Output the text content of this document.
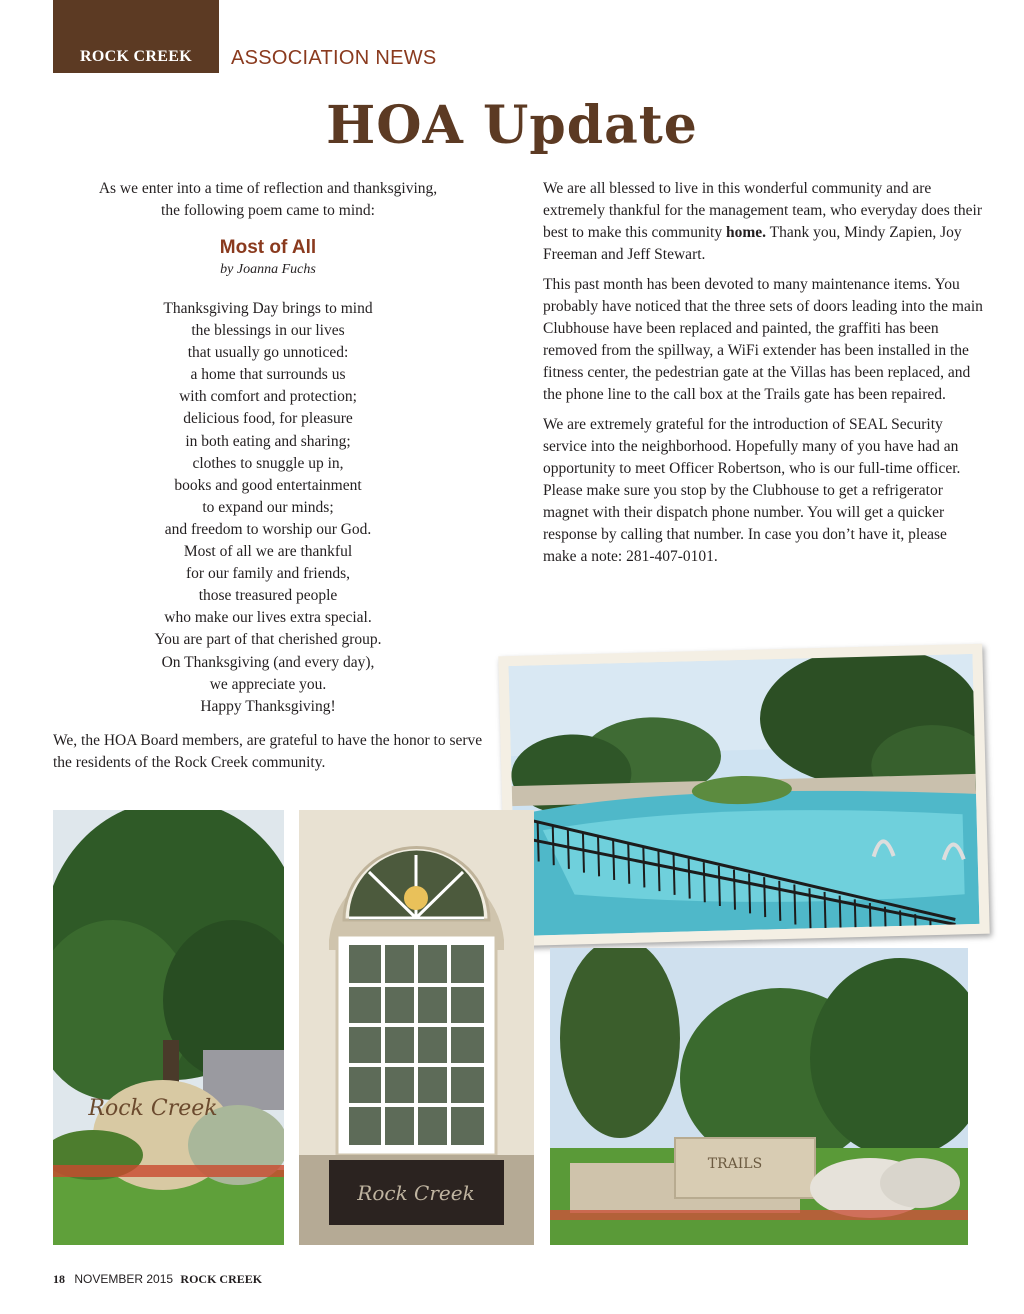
ROCK CREEK ASSOCIATION NEWS
HOA Update

As we enter into a time of reflection and thanksgiving,

the following poem came to mind:

Most of All
by Joanna Fuchs
Thanksgiving Day brings to mind
the blessings in our lives
that usually go unnoticed:
a home that surrounds us
with comfort and protection;
delicious food, for pleasure
in both eating and sharing;
clothes to snuggle up in,
books and good entertainment
to expand our minds;
and freedom to worship our God.
Most of all we are thankful
for our family and friends,
those treasured people
who make our lives extra special.
You are part of that cherished group.
On Thanksgiving (and every day),
we appreciate you.
Happy Thanksgiving!

We, the HOA Board members, are grateful to have the honor to serve the residents of the Rock Creek community.

We are all blessed to live in this wonderful community and are extremely thankful for the management team, who everyday does their best to make this community home. Thank you, Mindy Zapien, Joy Freeman and Jeff Stewart.

This past month has been devoted to many maintenance items. You probably have noticed that the three sets of doors leading into the main Clubhouse have been replaced and painted, the graffiti has been removed from the spillway, a WiFi extender has been installed in the fitness center, the pedestrian gate at the Villas has been replaced, and the phone line to the call box at the Trails gate has been repaired.

We are extremely grateful for the introduction of SEAL Security service into the neighborhood. Hopefully many of you have had an opportunity to meet Officer Robertson, who is our full-time officer. Please make sure you stop by the Clubhouse to get a refrigerator magnet with their dispatch phone number. You will get a quicker response by calling that number. In case you don’t have it, please make a note: 281-407-0101.

Rock Creek
Rock Creek
TRAILS
18 NOVEMBER 2015 ROCK CREEK
